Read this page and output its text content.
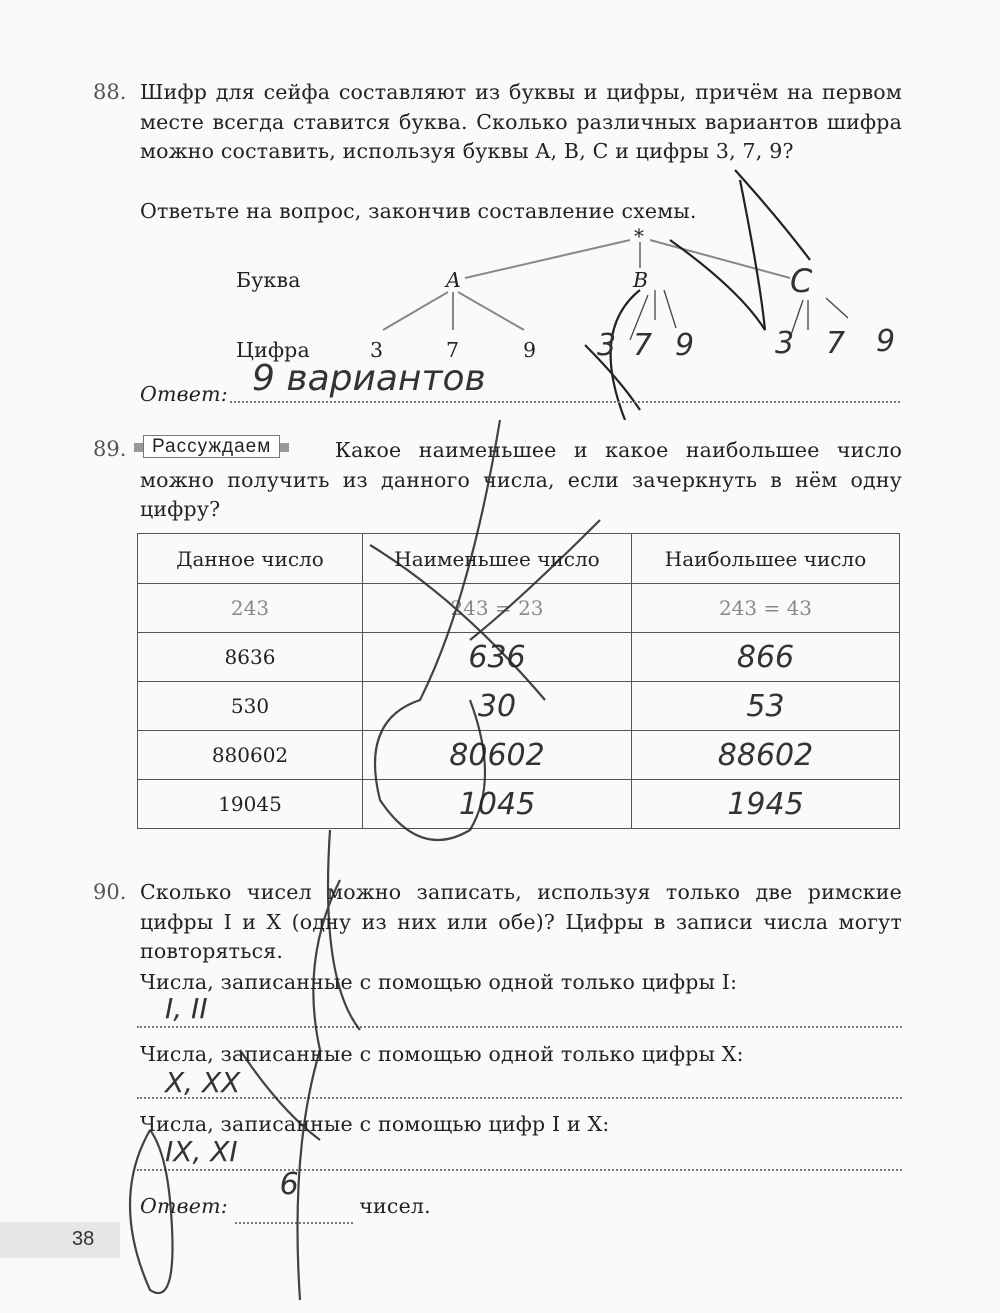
88. Шифр для сейфа составляют из буквы и цифры, причём на первом месте всегда ставится буква. Сколько различных вариантов шифра можно составить, используя буквы A, B, C и цифры 3, 7, 9?
Ответьте на вопрос, закончив составление схемы.
*
Буква
Цифра
A	B	C
3	7	9 3 7 9	3 7 9
Ответ: 9 вариантов
89.	Рассуждаем	Какое наименьшее и какое наибольшее число можно получить из данного числа, если зачеркнуть в нём одну цифру?
Данное число	Наименьшее число	Наибольшее число
243	243 = 23	243 = 43
8636	636	866
530	30	53
880602	80602	88602
19045	1045	1945
90. Сколько чисел можно записать, используя только две римские цифры I и X (одну из них или обе)? Цифры в записи числа могут повторяться.
Числа, записанные с помощью одной только цифры I:
I, II
Числа, записанные с помощью одной только цифры X:
X, XX
Числа, записанные с помощью цифр I и X:
IX, XI
Ответ:
6
чисел.
38
